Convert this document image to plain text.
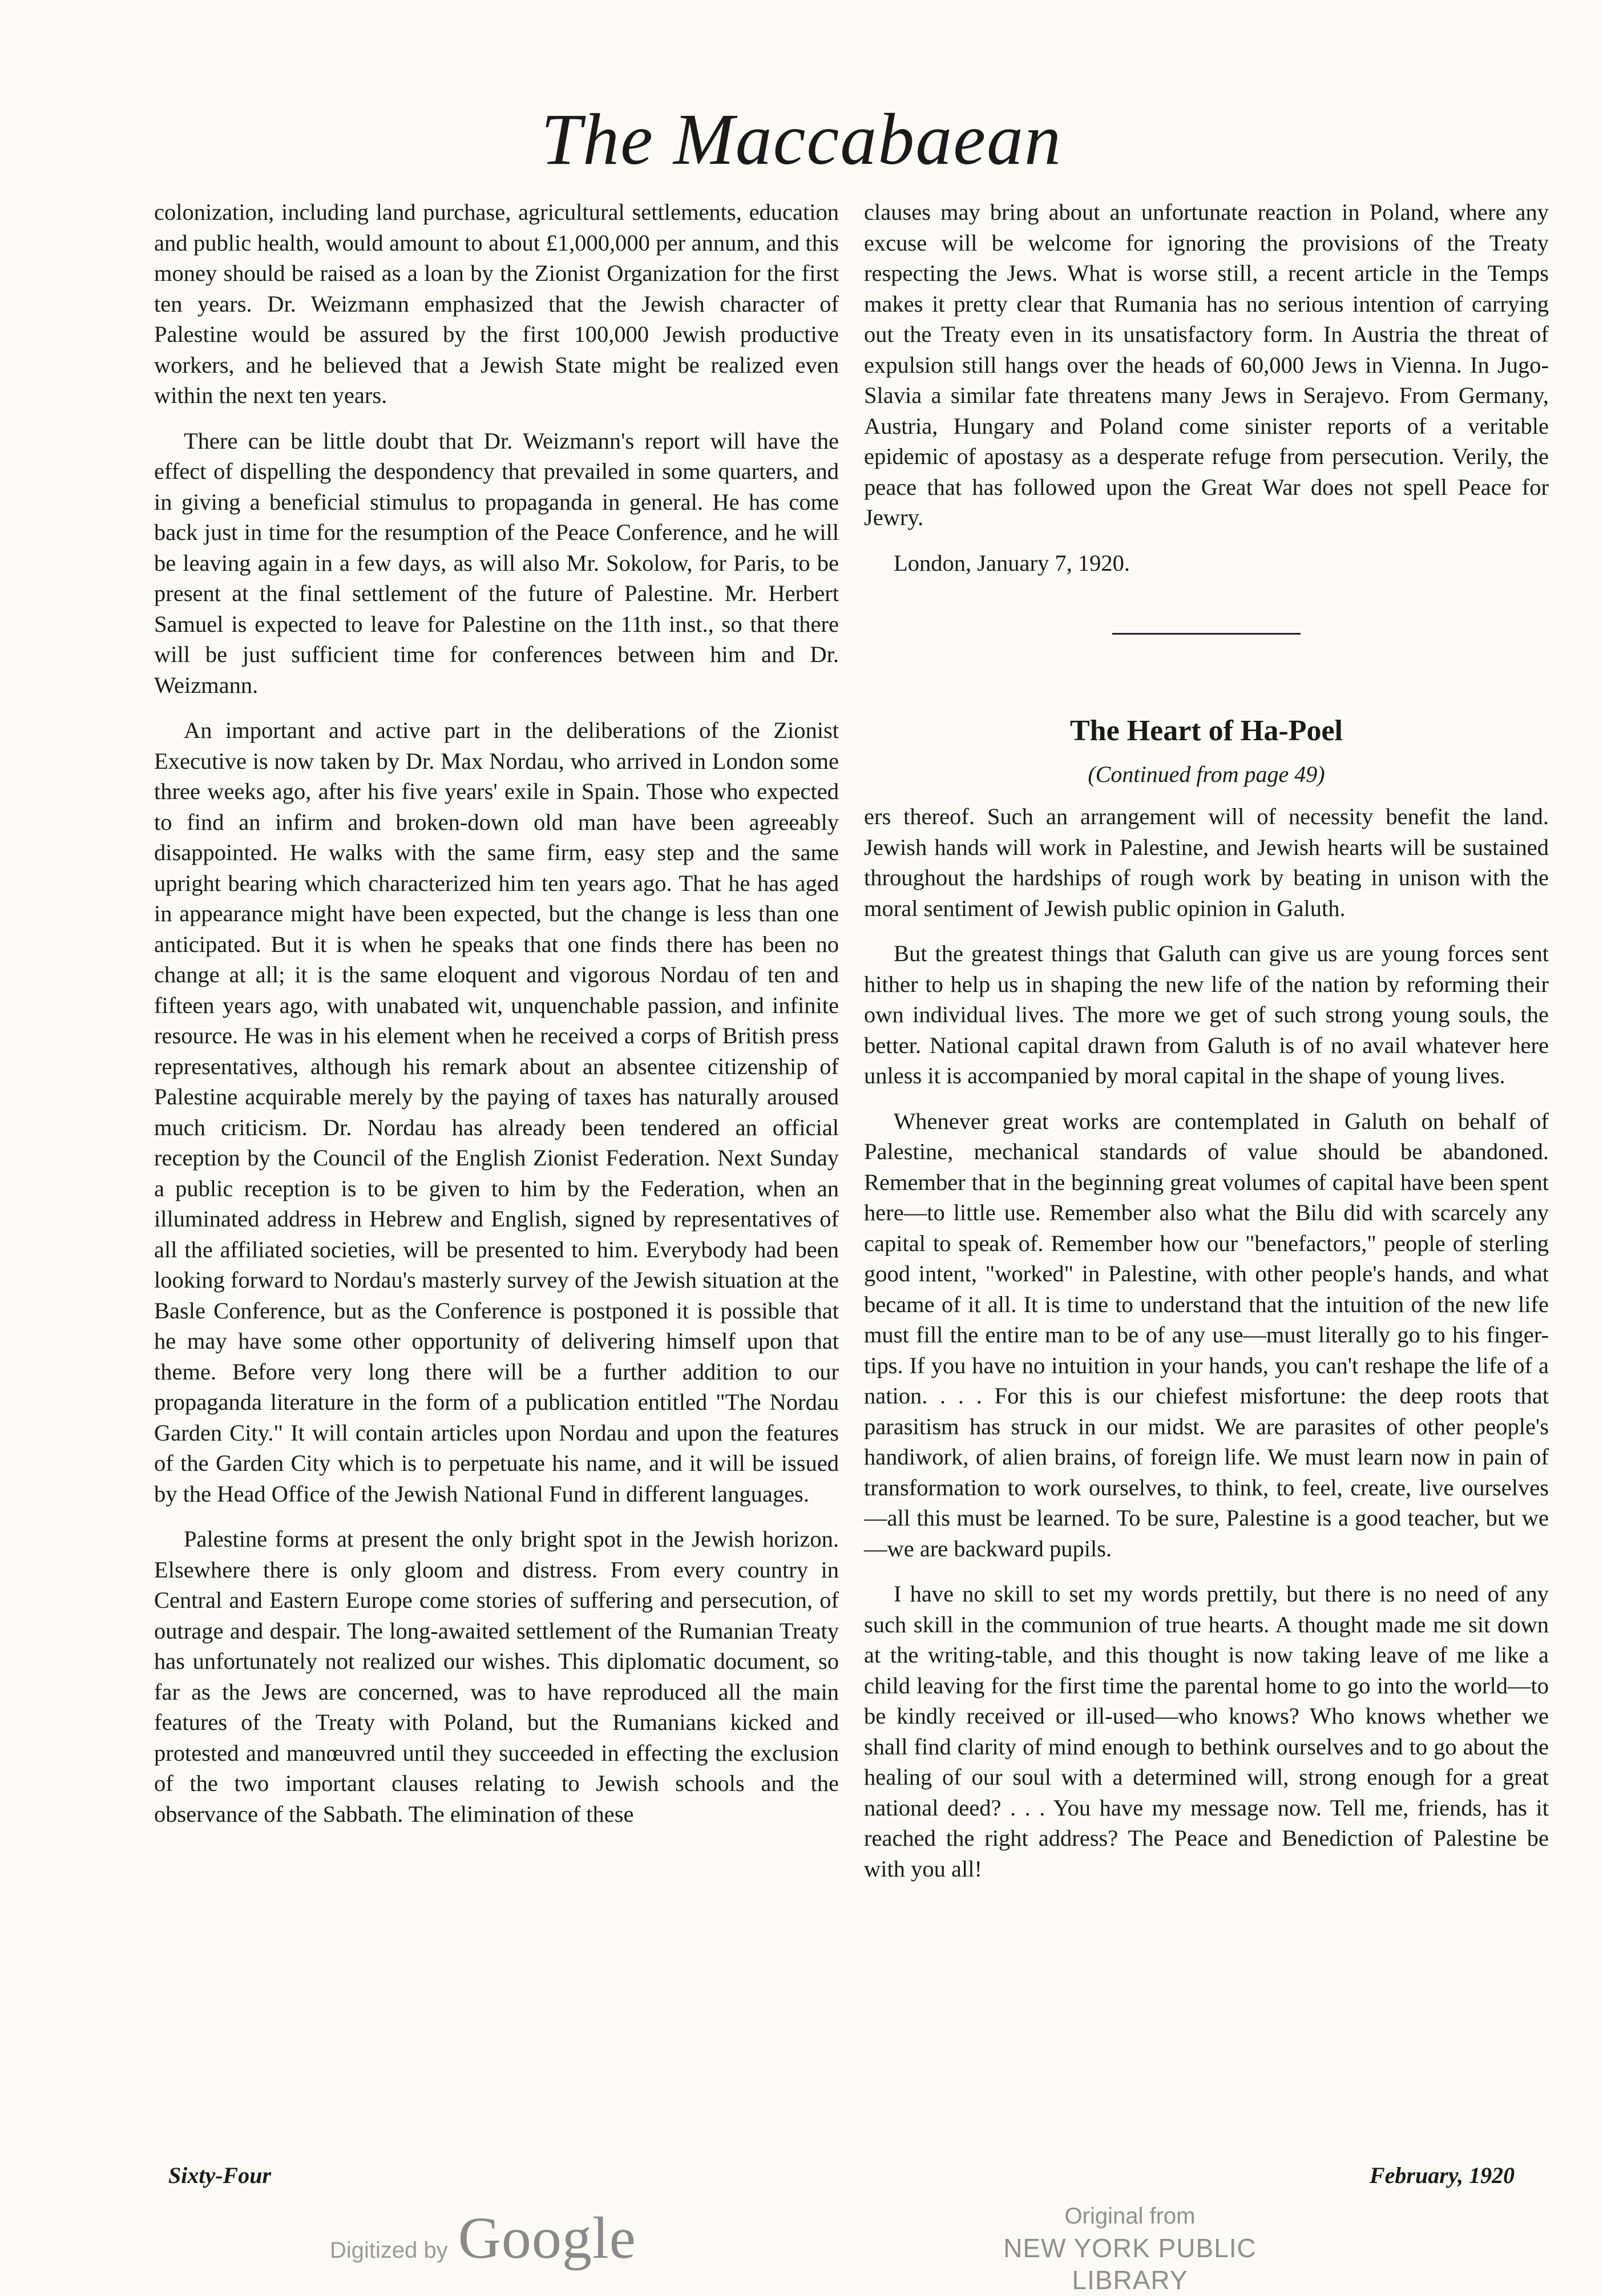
The Maccabaean

colonization, including land purchase, agricultural settlements, education and public health, would amount to about £1,000,000 per annum, and this money should be raised as a loan by the Zionist Organization for the first ten years. Dr. Weizmann emphasized that the Jewish character of Palestine would be assured by the first 100,000 Jewish productive workers, and he believed that a Jewish State might be realized even within the next ten years.

There can be little doubt that Dr. Weizmann's report will have the effect of dispelling the despondency that prevailed in some quarters, and in giving a beneficial stimulus to propaganda in general. He has come back just in time for the resumption of the Peace Conference, and he will be leaving again in a few days, as will also Mr. Sokolow, for Paris, to be present at the final settlement of the future of Palestine. Mr. Herbert Samuel is expected to leave for Palestine on the 11th inst., so that there will be just sufficient time for conferences between him and Dr. Weizmann.

An important and active part in the deliberations of the Zionist Executive is now taken by Dr. Max Nordau, who arrived in London some three weeks ago, after his five years' exile in Spain. Those who expected to find an infirm and broken-down old man have been agreeably disappointed. He walks with the same firm, easy step and the same upright bearing which characterized him ten years ago. That he has aged in appearance might have been expected, but the change is less than one anticipated. But it is when he speaks that one finds there has been no change at all; it is the same eloquent and vigorous Nordau of ten and fifteen years ago, with unabated wit, unquenchable passion, and infinite resource. He was in his element when he received a corps of British press representatives, although his remark about an absentee citizenship of Palestine acquirable merely by the paying of taxes has naturally aroused much criticism. Dr. Nordau has already been tendered an official reception by the Council of the English Zionist Federation. Next Sunday a public reception is to be given to him by the Federation, when an illuminated address in Hebrew and English, signed by representatives of all the affiliated societies, will be presented to him. Everybody had been looking forward to Nordau's masterly survey of the Jewish situation at the Basle Conference, but as the Conference is postponed it is possible that he may have some other opportunity of delivering himself upon that theme. Before very long there will be a further addition to our propaganda literature in the form of a publication entitled "The Nordau Garden City." It will contain articles upon Nordau and upon the features of the Garden City which is to perpetuate his name, and it will be issued by the Head Office of the Jewish National Fund in different languages.

Palestine forms at present the only bright spot in the Jewish horizon. Elsewhere there is only gloom and distress. From every country in Central and Eastern Europe come stories of suffering and persecution, of outrage and despair. The long-awaited settlement of the Rumanian Treaty has unfortunately not realized our wishes. This diplomatic document, so far as the Jews are concerned, was to have reproduced all the main features of the Treaty with Poland, but the Rumanians kicked and protested and manœuvred until they succeeded in effecting the exclusion of the two important clauses relating to Jewish schools and the observance of the Sabbath. The elimination of these

clauses may bring about an unfortunate reaction in Poland, where any excuse will be welcome for ignoring the provisions of the Treaty respecting the Jews. What is worse still, a recent article in the Temps makes it pretty clear that Rumania has no serious intention of carrying out the Treaty even in its unsatisfactory form. In Austria the threat of expulsion still hangs over the heads of 60,000 Jews in Vienna. In Jugo-Slavia a similar fate threatens many Jews in Serajevo. From Germany, Austria, Hungary and Poland come sinister reports of a veritable epidemic of apostasy as a desperate refuge from persecution. Verily, the peace that has followed upon the Great War does not spell Peace for Jewry.

London, January 7, 1920.
The Heart of Ha-Poel
(Continued from page 49)

ers thereof. Such an arrangement will of necessity benefit the land. Jewish hands will work in Palestine, and Jewish hearts will be sustained throughout the hardships of rough work by beating in unison with the moral sentiment of Jewish public opinion in Galuth.

But the greatest things that Galuth can give us are young forces sent hither to help us in shaping the new life of the nation by reforming their own individual lives. The more we get of such strong young souls, the better. National capital drawn from Galuth is of no avail whatever here unless it is accompanied by moral capital in the shape of young lives.

Whenever great works are contemplated in Galuth on behalf of Palestine, mechanical standards of value should be abandoned. Remember that in the beginning great volumes of capital have been spent here—to little use. Remember also what the Bilu did with scarcely any capital to speak of. Remember how our "benefactors," people of sterling good intent, "worked" in Palestine, with other people's hands, and what became of it all. It is time to understand that the intuition of the new life must fill the entire man to be of any use—must literally go to his finger-tips. If you have no intuition in your hands, you can't reshape the life of a nation. . . . For this is our chiefest misfortune: the deep roots that parasitism has struck in our midst. We are parasites of other people's handiwork, of alien brains, of foreign life. We must learn now in pain of transformation to work ourselves, to think, to feel, create, live ourselves—all this must be learned. To be sure, Palestine is a good teacher, but we—we are backward pupils.

I have no skill to set my words prettily, but there is no need of any such skill in the communion of true hearts. A thought made me sit down at the writing-table, and this thought is now taking leave of me like a child leaving for the first time the parental home to go into the world—to be kindly received or ill-used—who knows? Who knows whether we shall find clarity of mind enough to bethink ourselves and to go about the healing of our soul with a determined will, strong enough for a great national deed? . . . You have my message now. Tell me, friends, has it reached the right address? The Peace and Benediction of Palestine be with you all!

Sixty-Four	February, 1920
Digitized by Google	Original from
NEW YORK PUBLIC LIBRARY
